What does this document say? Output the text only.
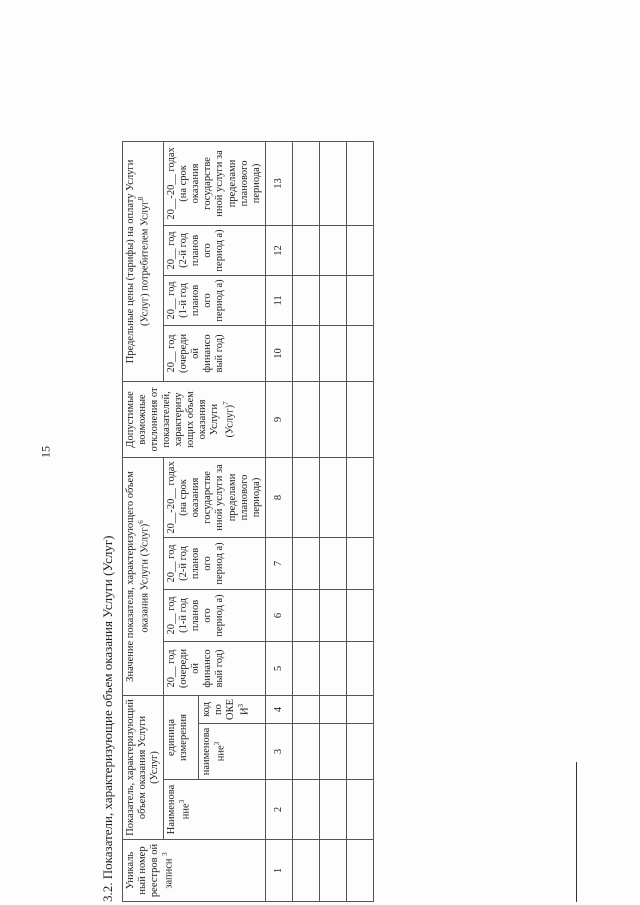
15
3.2. Показатели, характеризующие объем оказания Услуги (Услуг) Уникаль ный номер реестров ой записи $^3$	Показатель, характеризующий объем оказания Услуги (Услуг)			Значение показателя, характеризующего объем оказания Услуги (Услуг)$^6$				Допустимые возможные отклонения от показателей, характеризу ющих объем оказания Услуги (Услуг)$^7$	Предельные цены (тарифы) на оплату Услуги (Услуг) потребителем Услуг$^8$
	Наименова ние$^3$	единица измерения		20__ год (очереди ой финансо вый год)	20__ год (1-й год планов ого период а)	20__ год (2-й год планов ого период а)	20__-20__ годах (на срок оказания государстве нной услуги за пределами планового периода)		20__ год (очереди ой финансо вый год)	20__ год (1-й год планов ого период а)	20__ год (2-й год планов ого период а)	20__-20__ годах (на срок оказания государстве нной услуги за пределами планового периода)
		наименова ние$^3$	код по ОКЕ $И^3$
1	2	3	4	5	6	7	8	9	10	11	12	13
